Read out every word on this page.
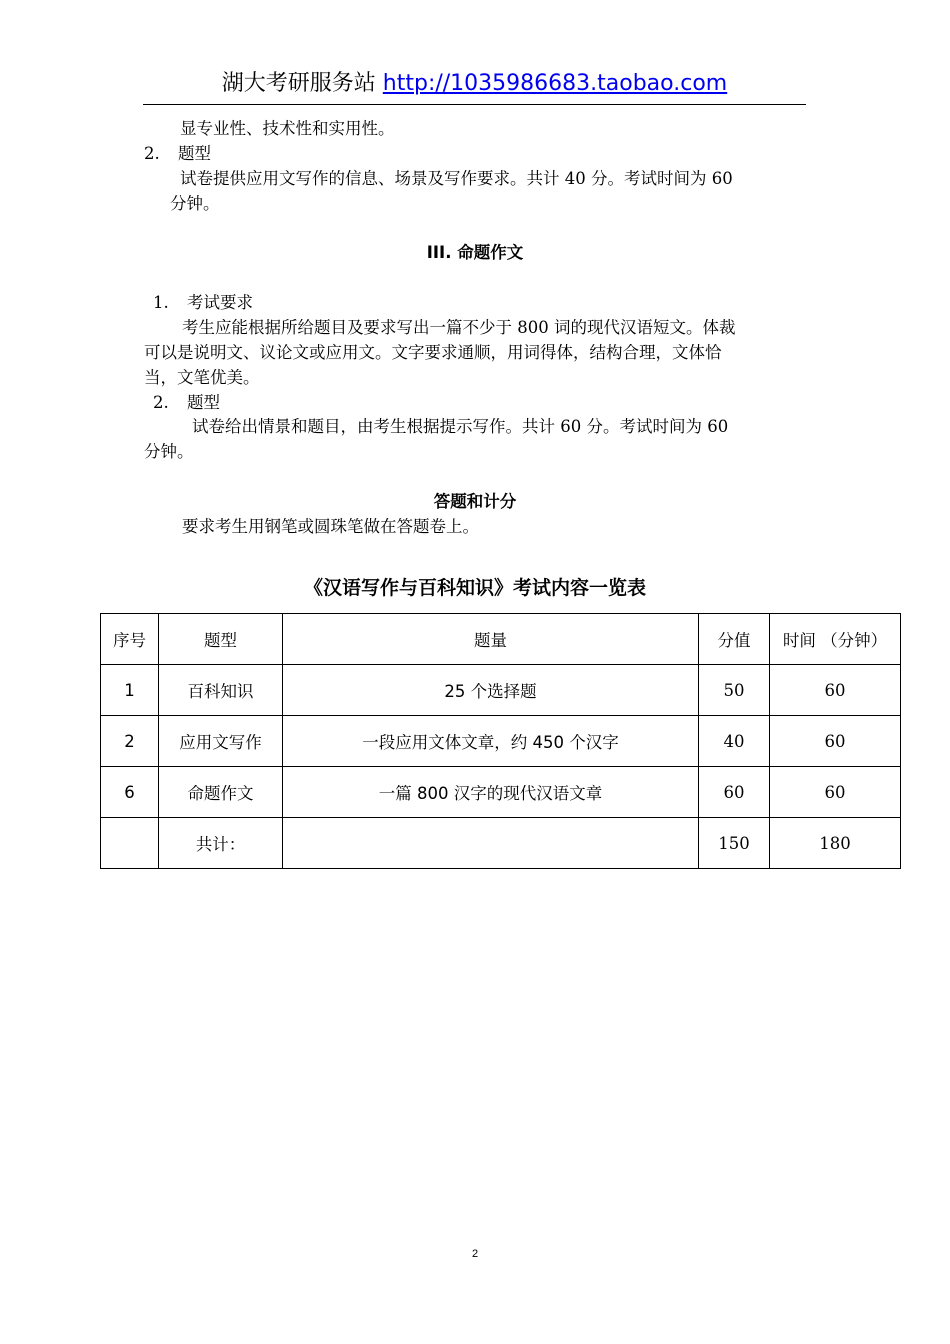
湖大考研服务站 http://1035986683.taobao.com
显专业性、技术性和实用性。
2. 题型
试卷提供应用文写作的信息、场景及写作要求。共计 40 分。考试时间为 60
分钟。
III. 命题作文
1. 考试要求
考生应能根据所给题目及要求写出一篇不少于 800 词的现代汉语短文。体裁
可以是说明文、议论文或应用文。文字要求通顺，用词得体，结构合理，文体恰
当，文笔优美。
2. 题型
试卷给出情景和题目，由考生根据提示写作。共计 60 分。考试时间为 60
分钟。
答题和计分
要求考生用钢笔或圆珠笔做在答题卷上。
《汉语写作与百科知识》考试内容一览表
序号	题型	题量	分值	时间 （分钟）
1	百科知识	25 个选择题	50	60
2	应用文写作	一段应用文体文章，约 450 个汉字	40	60
6	命题作文	一篇 800 汉字的现代汉语文章	60	60
	共计：		150	180
2
